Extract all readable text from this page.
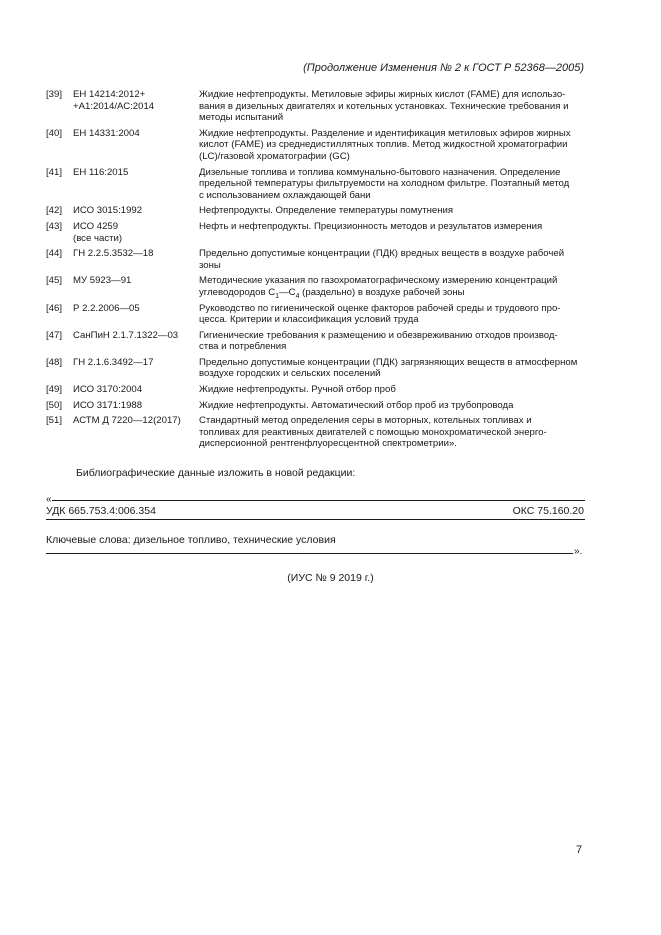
(Продолжение Изменения № 2 к ГОСТ Р 52368—2005)
[39]	ЕН 14214:2012+
+А1:2014/АС:2014	Жидкие нефтепродукты. Метиловые эфиры жирных кислот (FAME) для использо-
вания в дизельных двигателях и котельных установках. Технические требования и
методы испытаний
[40]	ЕН 14331:2004	Жидкие нефтепродукты. Разделение и идентификация метиловых эфиров жирных
кислот (FAME) из среднедистиллятных топлив. Метод жидкостной хроматографии
(LC)/газовой хроматографии (GC)
[41]	ЕН 116:2015	Дизельные топлива и топлива коммунально-бытового назначения. Определение
предельной температуры фильтруемости на холодном фильтре. Поэтапный метод
с использованием охлаждающей бани
[42]	ИСО 3015:1992	Нефтепродукты. Определение температуры помутнения
[43]	ИСО 4259
(все части)	Нефть и нефтепродукты. Прецизионность методов и результатов измерения
[44]	ГН 2.2.5.3532—18	Предельно допустимые концентрации (ПДК) вредных веществ в воздухе рабочей
зоны
[45]	МУ 5923—91	Методические указания по газохроматографическому измерению концентраций
углеводородов $С_1—С_4$ (раздельно) в воздухе рабочей зоны
[46]	Р 2.2.2006—05	Руководство по гигиенической оценке факторов рабочей среды и трудового про-
цесса. Критерии и классификация условий труда
[47]	СанПиН 2.1.7.1322—03	Гигиенические требования к размещению и обезвреживанию отходов производ-
ства и потребления
[48]	ГН 2.1.6.3492—17	Предельно допустимые концентрации (ПДК) загрязняющих веществ в атмосферном
воздухе городских и сельских поселений
[49]	ИСО 3170:2004	Жидкие нефтепродукты. Ручной отбор проб
[50]	ИСО 3171:1988	Жидкие нефтепродукты. Автоматический отбор проб из трубопровода
[51]	АСТМ Д 7220—12(2017)	Стандартный метод определения серы в моторных, котельных топливах и
топливах для реактивных двигателей с помощью монохроматической энерго-
дисперсионной рентгенфлуоресцентной спектрометрии».
Библиографические данные изложить в новой редакции:
«
УДК 665.753.4:006.354	ОКС 75.160.20
Ключевые слова: дизельное топливо, технические условия
».
(ИУС № 9 2019 г.)
7
